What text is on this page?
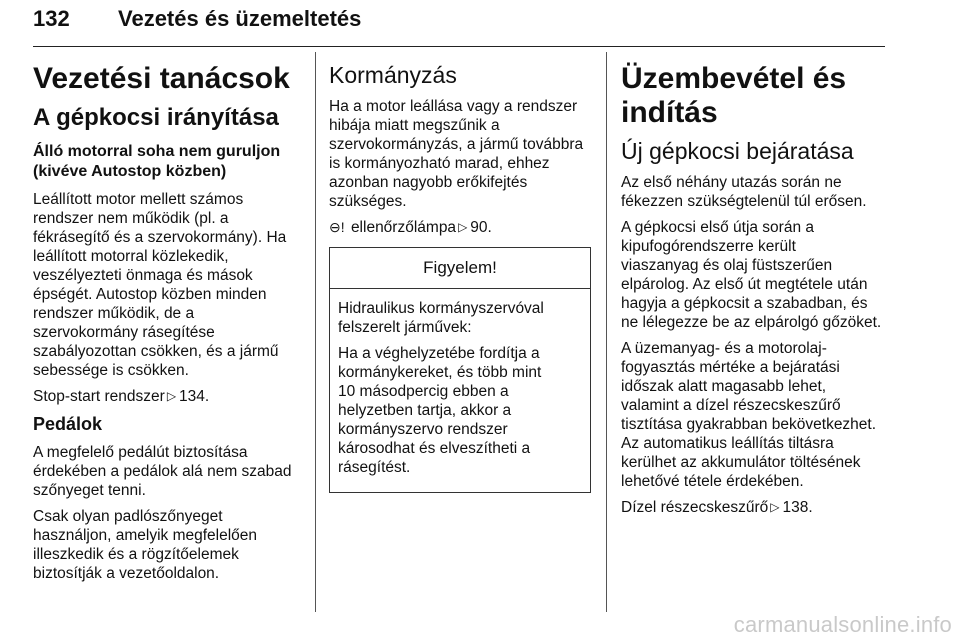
132 Vezetés és üzemeltetés
Vezetési tanácsok
A gépkocsi irányítása
Álló motorral soha nem guruljon (kivéve Autostop közben)
Leállított motor mellett számos
rendszer nem működik (pl. a
fékrásegítő és a szervokormány). Ha
leállított motorral közlekedik,
veszélyezteti önmaga és mások
épségét. Autostop közben minden
rendszer működik, de a
szervokormány rásegítése
szabályozottan csökken, és a jármű
sebessége is csökken.
Stop-start rendszer ▷ 134.
Pedálok
A megfelelő pedálút biztosítása
érdekében a pedálok alá nem szabad
szőnyeget tenni.
Csak olyan padlószőnyeget
használjon, amelyik megfelelően
illeszkedik és a rögzítőelemek
biztosítják a vezetőoldalon.
Kormányzás
Ha a motor leállása vagy a rendszer
hibája miatt megszűnik a
szervokormányzás, a jármű továbbra
is kormányozható marad, ehhez
azonban nagyobb erőkifejtés
szükséges.
⊖! ellenőrzőlámpa ▷ 90.
Figyelem!
Hidraulikus kormányszervóval
felszerelt járművek:
Ha a véghelyzetébe fordítja a
kormánykereket, és több mint
10 másodpercig ebben a
helyzetben tartja, akkor a
kormányszervo rendszer
károsodhat és elveszítheti a
rásegítést.
Üzembevétel és indítás
Új gépkocsi bejáratása
Az első néhány utazás során ne
fékezzen szükségtelenül túl erősen.
A gépkocsi első útja során a
kipufogórendszerre került
viaszanyag és olaj füstszerűen
elpárolog. Az első út megtétele után
hagyja a gépkocsit a szabadban, és
ne lélegezze be az elpárolgó gőzöket.
A üzemanyag- és a motorolaj-
fogyasztás mértéke a bejáratási
időszak alatt magasabb lehet,
valamint a dízel részecskeszűrő
tisztítása gyakrabban bekövetkezhet.
Az automatikus leállítás tiltásra
kerülhet az akkumulátor töltésének
lehetővé tétele érdekében.
Dízel részecskeszűrő ▷ 138.
carmanualsonline.info
